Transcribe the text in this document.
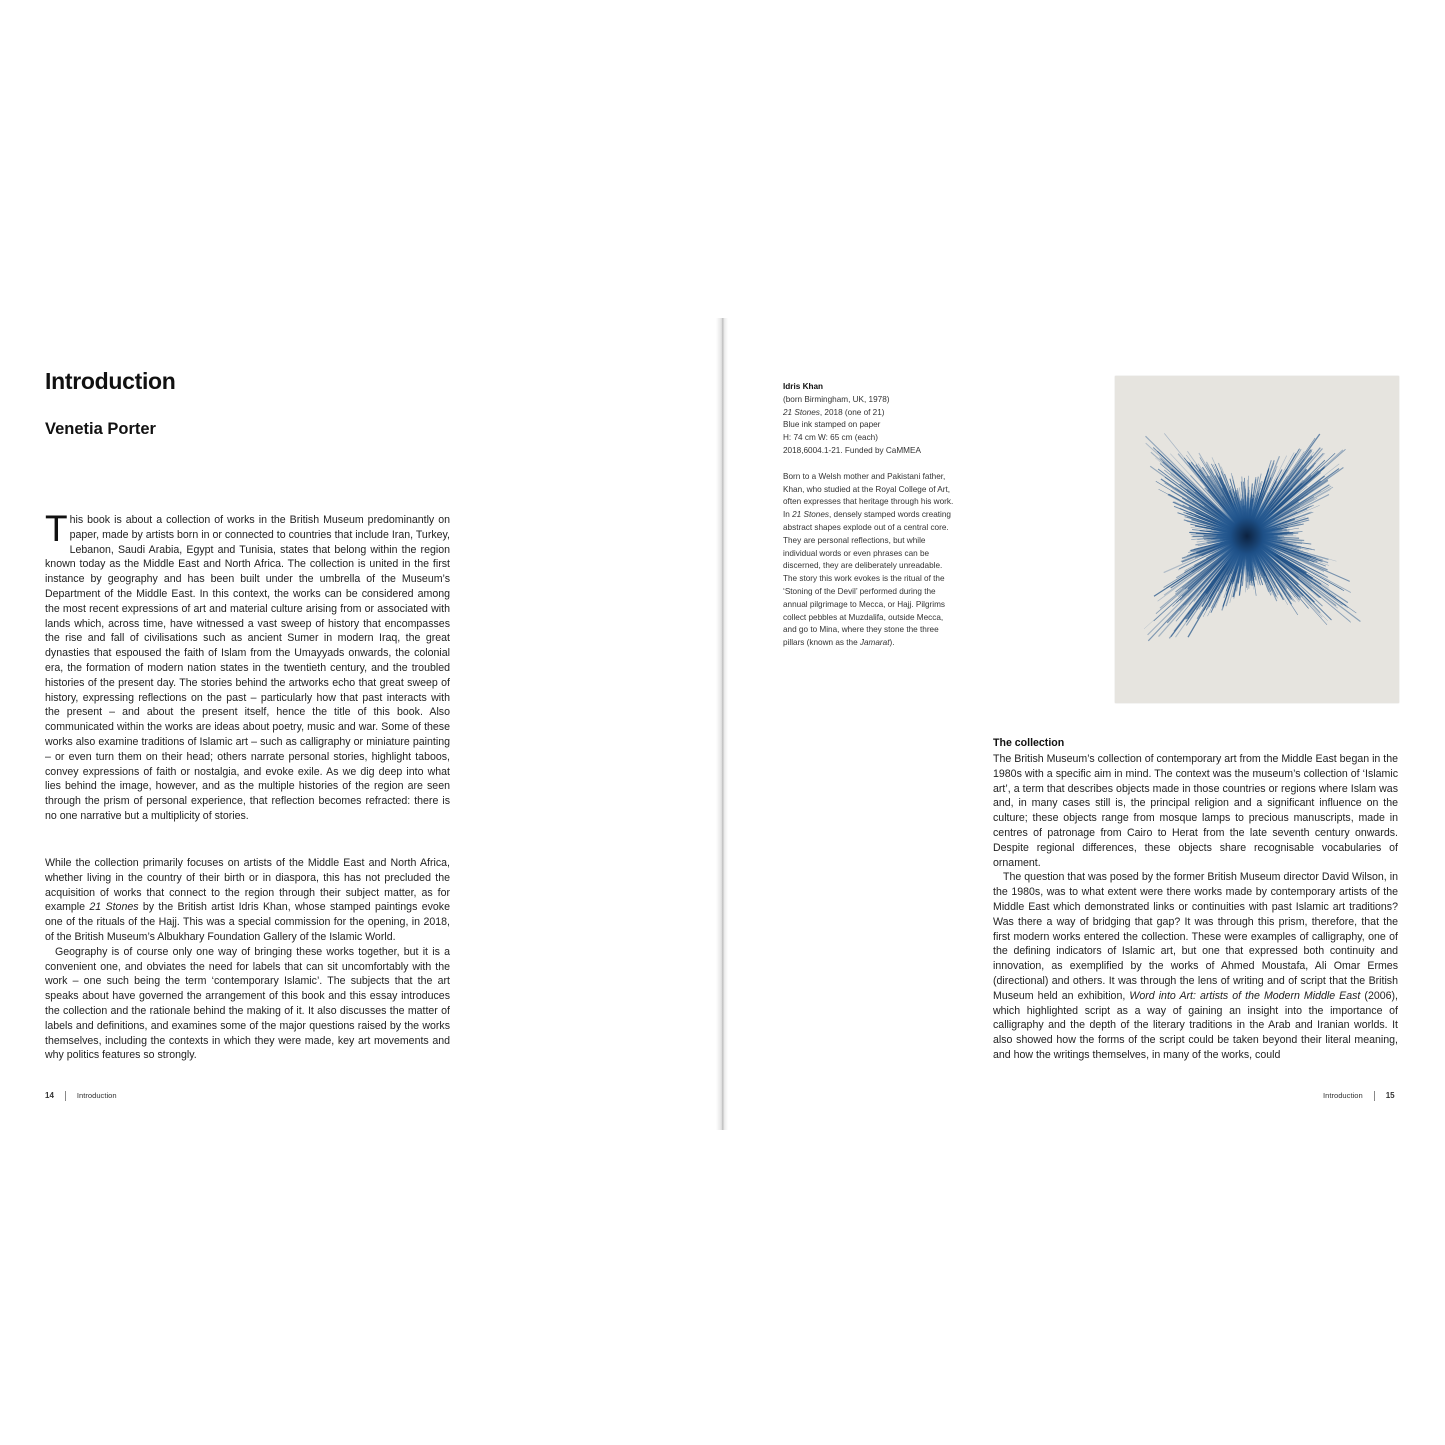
Introduction
Venetia Porter

This book is about a collection of works in the British Museum predominantly on paper, made by artists born in or connected to countries that include Iran, Turkey, Lebanon, Saudi Arabia, Egypt and Tunisia, states that belong within the region known today as the Middle East and North Africa. The collection is united in the first instance by geography and has been built under the umbrella of the Museum’s Department of the Middle East. In this context, the works can be considered among the most recent expressions of art and material culture arising from or associated with lands which, across time, have witnessed a vast sweep of history that encompasses the rise and fall of civilisations such as ancient Sumer in modern Iraq, the great dynasties that espoused the faith of Islam from the Umayyads onwards, the colonial era, the formation of modern nation states in the twentieth century, and the troubled histories of the present day. The stories behind the artworks echo that great sweep of history, expressing reflections on the past – particularly how that past interacts with the present – and about the present itself, hence the title of this book. Also communicated within the works are ideas about poetry, music and war. Some of these works also examine traditions of Islamic art – such as calligraphy or miniature painting – or even turn them on their head; others narrate personal stories, highlight taboos, convey expressions of faith or nostalgia, and evoke exile. As we dig deep into what lies behind the image, however, and as the multiple histories of the region are seen through the prism of personal experience, that reflection becomes refracted: there is no one narrative but a multiplicity of stories.

While the collection primarily focuses on artists of the Middle East and North Africa, whether living in the country of their birth or in diaspora, this has not precluded the acquisition of works that connect to the region through their subject matter, as for example 21 Stones by the British artist Idris Khan, whose stamped paintings evoke one of the rituals of the Hajj. This was a special commission for the opening, in 2018, of the British Museum’s Albukhary Foundation Gallery of the Islamic World.

Geography is of course only one way of bringing these works together, but it is a convenient one, and obviates the need for labels that can sit uncomfortably with the work – one such being the term ‘contemporary Islamic’. The subjects that the art speaks about have governed the arrangement of this book and this essay introduces the collection and the rationale behind the making of it. It also discusses the matter of labels and definitions, and examines some of the major questions raised by the works themselves, including the contexts in which they were made, key art movements and why politics features so strongly.

14	Introduction

Idris Khan

(born Birmingham, UK, 1978)

21 Stones, 2018 (one of 21)

Blue ink stamped on paper

H: 74 cm W: 65 cm (each)

2018,6004.1-21. Funded by CaMMEA

Born to a Welsh mother and Pakistani father, Khan, who studied at the Royal College of Art, often expresses that heritage through his work. In 21 Stones, densely stamped words creating abstract shapes explode out of a central core. They are personal reflections, but while individual words or even phrases can be discerned, they are deliberately unreadable. The story this work evokes is the ritual of the ‘Stoning of the Devil’ performed during the annual pilgrimage to Mecca, or Hajj. Pilgrims collect pebbles at Muzdalifa, outside Mecca, and go to Mina, where they stone the three pillars (known as the Jamarat).

The collection

The British Museum’s collection of contemporary art from the Middle East began in the 1980s with a specific aim in mind. The context was the museum’s collection of ‘Islamic art’, a term that describes objects made in those countries or regions where Islam was and, in many cases still is, the principal religion and a significant influence on the culture; these objects range from mosque lamps to precious manuscripts, made in centres of patronage from Cairo to Herat from the late seventh century onwards. Despite regional differences, these objects share recognisable vocabularies of ornament.

The question that was posed by the former British Museum director David Wilson, in the 1980s, was to what extent were there works made by contemporary artists of the Middle East which demonstrated links or continuities with past Islamic art traditions? Was there a way of bridging that gap? It was through this prism, therefore, that the first modern works entered the collection. These were examples of calligraphy, one of the defining indicators of Islamic art, but one that expressed both continuity and innovation, as exemplified by the works of Ahmed Moustafa, Ali Omar Ermes (directional) and others. It was through the lens of writing and of script that the British Museum held an exhibition, Word into Art: artists of the Modern Middle East (2006), which highlighted script as a way of gaining an insight into the importance of calligraphy and the depth of the literary traditions in the Arab and Iranian worlds. It also showed how the forms of the script could be taken beyond their literal meaning, and how the writings themselves, in many of the works, could

Introduction	15
